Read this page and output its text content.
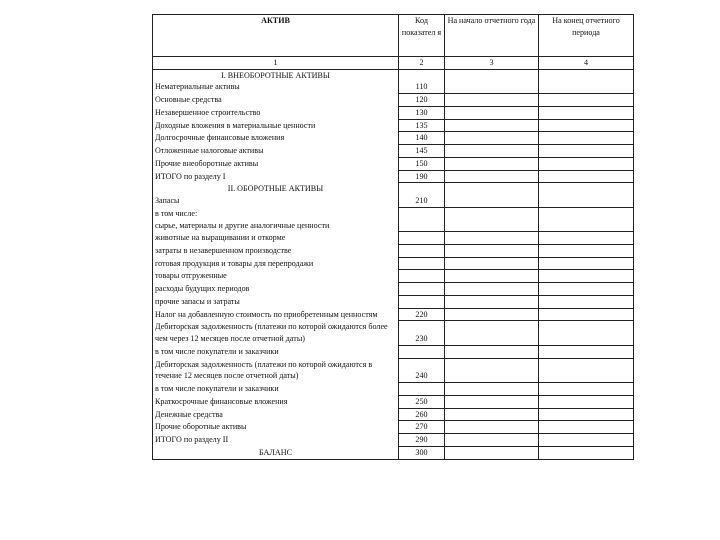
АКТИВ	Код показател я	На начало отчетного года	На конец отчетного периода
1	2	3	4
I. ВНЕОБОРОТНЫЕ АКТИВЫ			
Нематериальные активы	110		
Основные средства	120		
Незавершенное строительство	130		
Доходные вложения в материальные ценности	135		
Долгосрочные финансовые вложения	140		
Отложенные налоговые активы	145		
Прочие внеоборотные активы	150		
ИТОГО по разделу I	190		
II. ОБОРОТНЫЕ АКТИВЫ			
Запасы	210		
в том числе:			
сырье, материалы и другие аналогичные ценности			
животные на выращивании и откорме			
затраты в незавершенном производстве			
готовая продукция и товары для перепродажи			
товары отгруженные			
расходы будущих периодов			
прочие запасы и затраты			
Налог на добавленную стоимость по приобретенным ценностям	220		
Дебиторская задолженность (платежи по которой ожидаются более чем через 12 месяцев после отчетной даты)	230		
в том числе покупатели и заказчики			
Дебиторская задолженность (платежи по которой ожидаются в течение 12 месяцев после отчетной даты)	240		
в том числе покупатели и заказчики			
Краткосрочные финансовые вложения	250		
Денежные средства	260		
Прочие оборотные активы	270		
ИТОГО по разделу II	290		
БАЛАНС	300		
